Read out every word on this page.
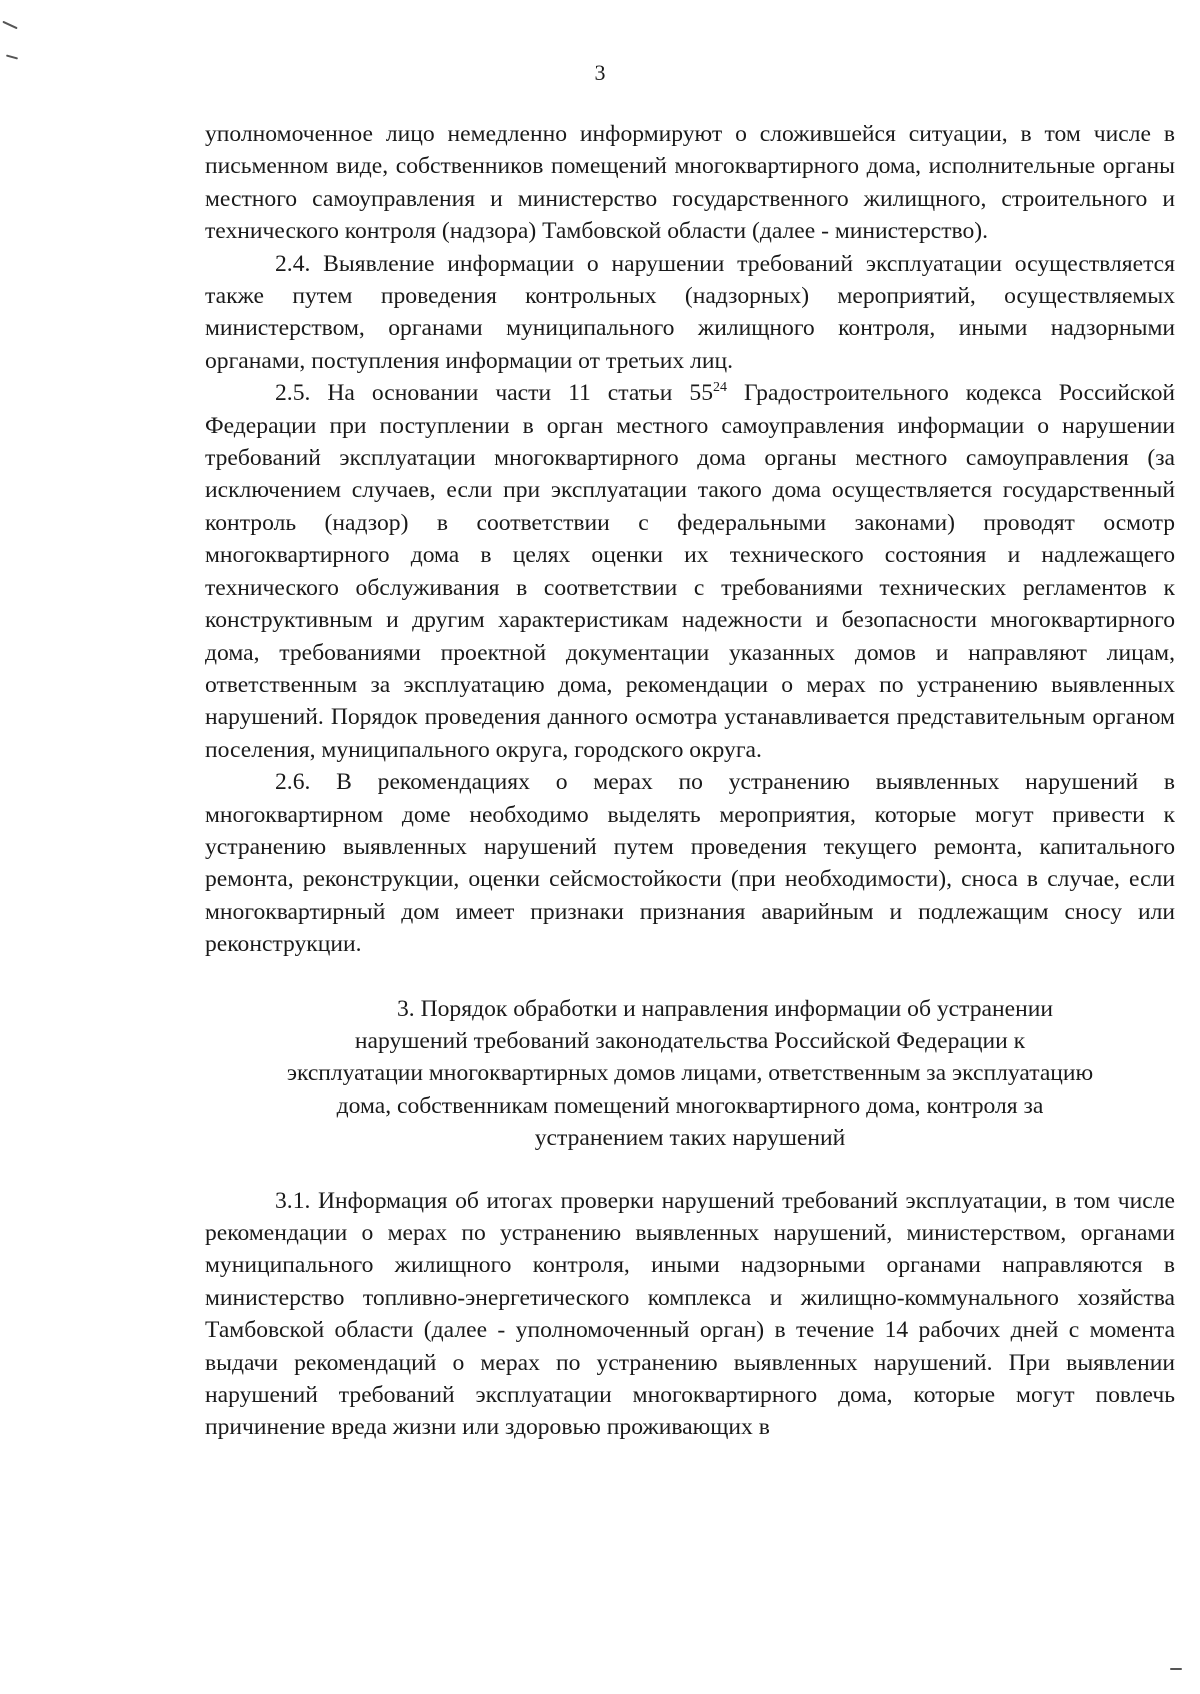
3

уполномоченное лицо немедленно информируют о сложившейся ситуации, в том числе в письменном виде, собственников помещений многоквартирного дома, исполнительные органы местного самоуправления и министерство государственного жилищного, строительного и технического контроля (надзора) Тамбовской области (далее - министерство).

2.4. Выявление информации о нарушении требований эксплуатации осуществляется также путем проведения контрольных (надзорных) мероприятий, осуществляемых министерством, органами муниципального жилищного контроля, иными надзорными органами, поступления информации от третьих лиц.

2.5. На основании части 11 статьи $55^{24}$ Градостроительного кодекса Российской Федерации при поступлении в орган местного самоуправления информации о нарушении требований эксплуатации многоквартирного дома органы местного самоуправления (за исключением случаев, если при эксплуатации такого дома осуществляется государственный контроль (надзор) в соответствии с федеральными законами) проводят осмотр многоквартирного дома в целях оценки их технического состояния и надлежащего технического обслуживания в соответствии с требованиями технических регламентов к конструктивным и другим характеристикам надежности и безопасности многоквартирного дома, требованиями проектной документации указанных домов и направляют лицам, ответственным за эксплуатацию дома, рекомендации о мерах по устранению выявленных нарушений. Порядок проведения данного осмотра устанавливается представительным органом поселения, муниципального округа, городского округа.

2.6. В рекомендациях о мерах по устранению выявленных нарушений в многоквартирном доме необходимо выделять мероприятия, которые могут привести к устранению выявленных нарушений путем проведения текущего ремонта, капитального ремонта, реконструкции, оценки сейсмостойкости (при необходимости), сноса в случае, если многоквартирный дом имеет признаки признания аварийным и подлежащим сносу или реконструкции.

3. Порядок обработки и направления информации об устранении
нарушений требований законодательства Российской Федерации к
эксплуатации многоквартирных домов лицами, ответственным за эксплуатацию
дома, собственникам помещений многоквартирного дома, контроля за
устранением таких нарушений

3.1. Информация об итогах проверки нарушений требований эксплуатации, в том числе рекомендации о мерах по устранению выявленных нарушений, министерством, органами муниципального жилищного контроля, иными надзорными органами направляются в министерство топливно-энергетического комплекса и жилищно-коммунального хозяйства Тамбовской области (далее - уполномоченный орган) в течение 14 рабочих дней с момента выдачи рекомендаций о мерах по устранению выявленных нарушений. При выявлении нарушений требований эксплуатации многоквартирного дома, которые могут повлечь причинение вреда жизни или здоровью проживающих в
